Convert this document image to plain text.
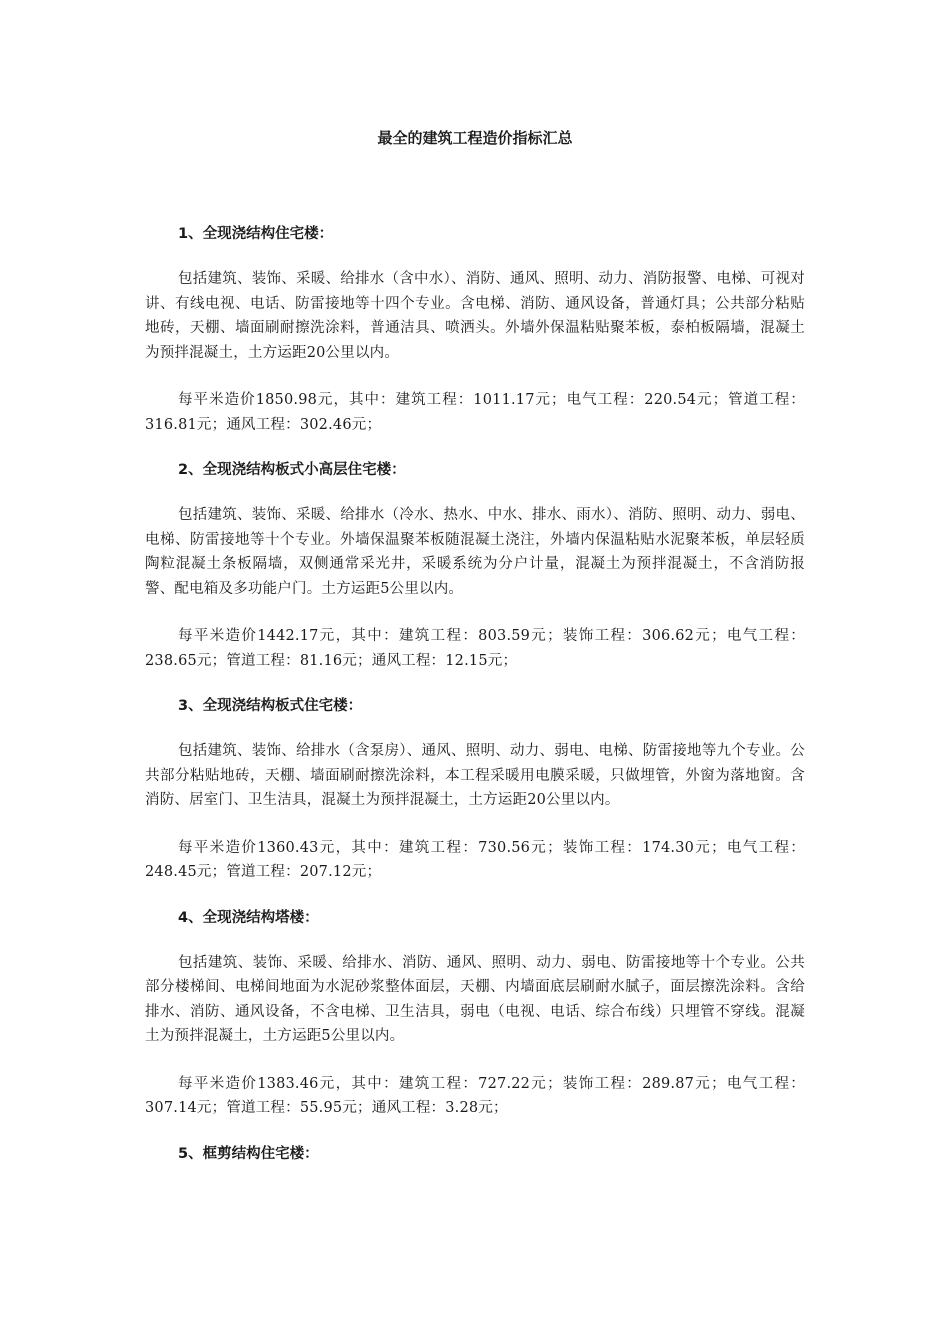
最全的建筑工程造价指标汇总

1、全现浇结构住宅楼：

包括建筑、装饰、采暖、给排水（含中水）、消防、通风、照明、动力、消防报警、电梯、可视对讲、有线电视、电话、防雷接地等十四个专业。含电梯、消防、通风设备，普通灯具；公共部分粘贴地砖，天棚、墙面刷耐擦洗涂料，普通洁具、喷洒头。外墙外保温粘贴聚苯板，泰柏板隔墙，混凝土为预拌混凝土，土方运距20公里以内。

每平米造价1850.98元，其中：建筑工程：1011.17元；电气工程：220.54元；管道工程：316.81元；通风工程：302.46元；

2、全现浇结构板式小高层住宅楼：

包括建筑、装饰、采暖、给排水（冷水、热水、中水、排水、雨水）、消防、照明、动力、弱电、电梯、防雷接地等十个专业。外墙保温聚苯板随混凝土浇注，外墙内保温粘贴水泥聚苯板，单层轻质陶粒混凝土条板隔墙，双侧通常采光井，采暖系统为分户计量，混凝土为预拌混凝土，不含消防报警、配电箱及多功能户门。土方运距5公里以内。

每平米造价1442.17元，其中：建筑工程：803.59元；装饰工程：306.62元；电气工程：238.65元；管道工程：81.16元；通风工程：12.15元；

3、全现浇结构板式住宅楼：

包括建筑、装饰、给排水（含泵房）、通风、照明、动力、弱电、电梯、防雷接地等九个专业。公共部分粘贴地砖，天棚、墙面刷耐擦洗涂料，本工程采暖用电膜采暖，只做埋管，外窗为落地窗。含消防、居室门、卫生洁具，混凝土为预拌混凝土，土方运距20公里以内。

每平米造价1360.43元，其中：建筑工程：730.56元；装饰工程：174.30元；电气工程：248.45元；管道工程：207.12元；

4、全现浇结构塔楼：

包括建筑、装饰、采暖、给排水、消防、通风、照明、动力、弱电、防雷接地等十个专业。公共部分楼梯间、电梯间地面为水泥砂浆整体面层，天棚、内墙面底层刷耐水腻子，面层擦洗涂料。含给排水、消防、通风设备，不含电梯、卫生洁具，弱电（电视、电话、综合布线）只埋管不穿线。混凝土为预拌混凝土，土方运距5公里以内。

每平米造价1383.46元，其中：建筑工程：727.22元；装饰工程：289.87元；电气工程：307.14元；管道工程：55.95元；通风工程：3.28元；

5、框剪结构住宅楼：
